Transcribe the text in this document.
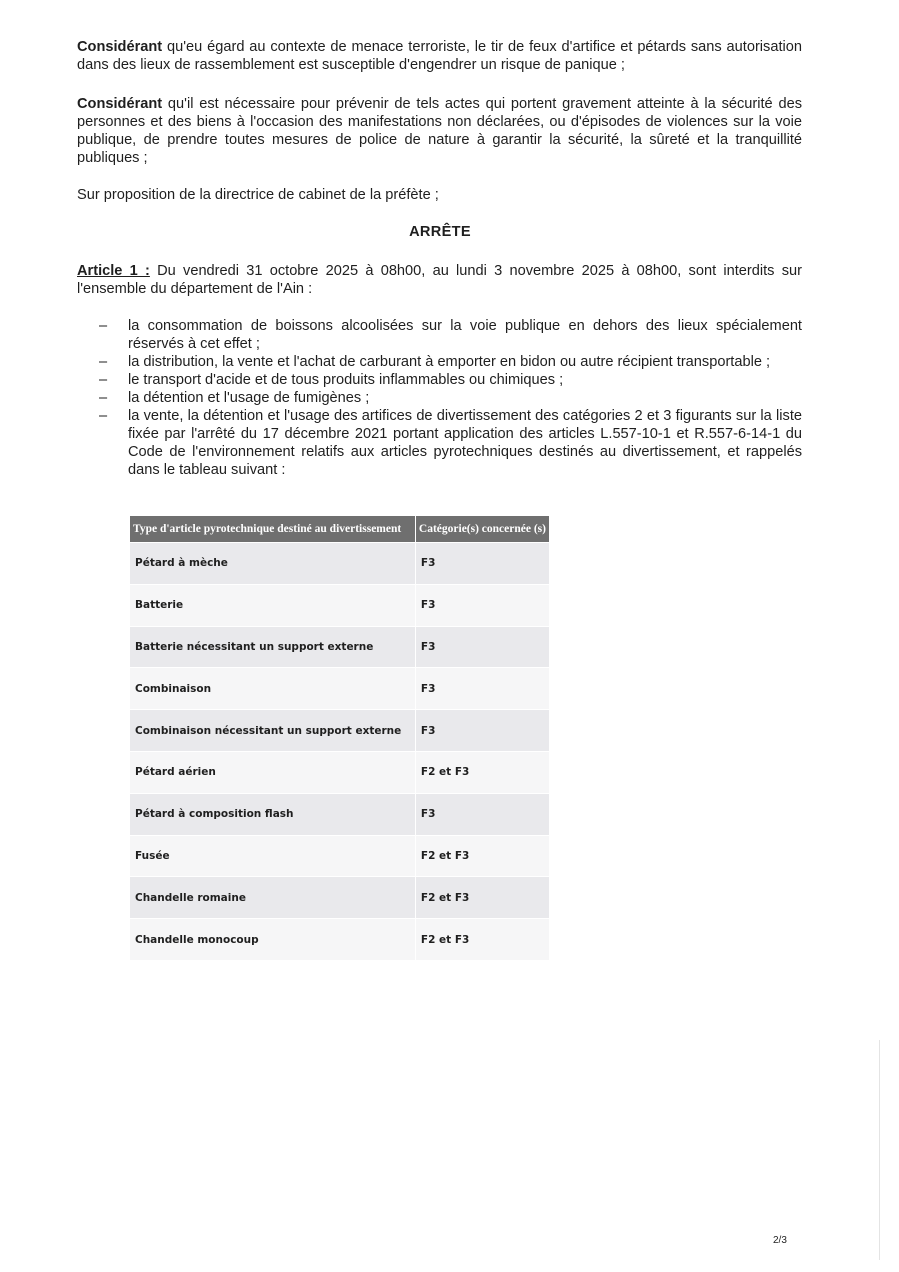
Considérant qu'eu égard au contexte de menace terroriste, le tir de feux d'artifice et pétards sans autorisation dans des lieux de rassemblement est susceptible d'engendrer un risque de panique ;
Considérant qu'il est nécessaire pour prévenir de tels actes qui portent gravement atteinte à la sécurité des personnes et des biens à l'occasion des manifestations non déclarées, ou d'épisodes de violences sur la voie publique, de prendre toutes mesures de police de nature à garantir la sécurité, la sûreté et la tranquillité publiques ;
Sur proposition de la directrice de cabinet de la préfète ;
ARRÊTE
Article 1 : Du vendredi 31 octobre 2025 à 08h00, au lundi 3 novembre 2025 à 08h00, sont interdits sur l'ensemble du département de l'Ain :
– la consommation de boissons alcoolisées sur la voie publique en dehors des lieux spécialement réservés à cet effet ;
– la distribution, la vente et l'achat de carburant à emporter en bidon ou autre récipient transportable ;
– le transport d'acide et de tous produits inflammables ou chimiques ;
– la détention et l'usage de fumigènes ;
– la vente, la détention et l'usage des artifices de divertissement des catégories 2 et 3 figurants sur la liste fixée par l'arrêté du 17 décembre 2021 portant application des articles L.557-10-1 et R.557-6-14-1 du Code de l'environnement relatifs aux articles pyrotechniques destinés au divertissement, et rappelés dans le tableau suivant :
Type d'article pyrotechnique destiné au divertissement	Catégorie(s) concernée (s)
Pétard à mèche	F3
Batterie	F3
Batterie nécessitant un support externe	F3
Combinaison	F3
Combinaison nécessitant un support externe	F3
Pétard aérien	F2 et F3
Pétard à composition flash	F3
Fusée	F2 et F3
Chandelle romaine	F2 et F3
Chandelle monocoup	F2 et F3
2/3
